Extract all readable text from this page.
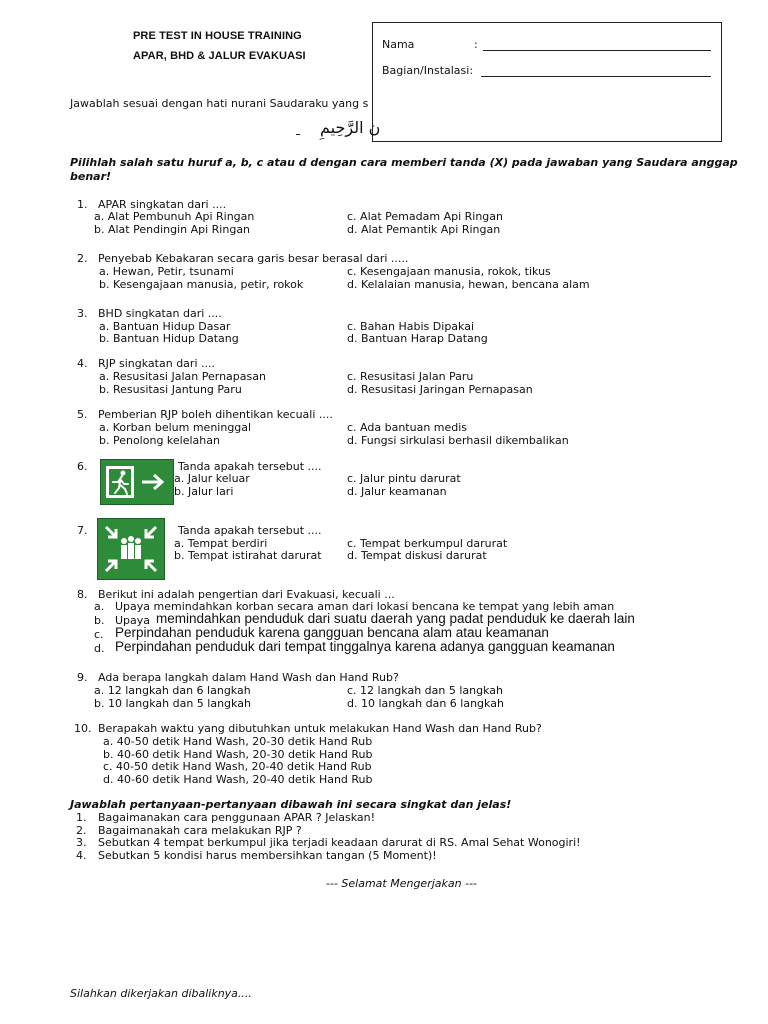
PRE TEST IN HOUSE TRAINING
APAR, BHD & JALUR EVAKUASI
Nama	:
Bagian/Instalasi:
Jawablah sesuai dengan hati nurani Saudaraku yang s
ن الرَّحِيمِ
Pilihlah salah satu huruf a, b, c atau d dengan cara memberi tanda (X) pada jawaban yang Saudara anggap
benar!
1. APAR singkatan dari ....
a. Alat Pembunuh Api Ringan
b. Alat Pendingin Api Ringan
c. Alat Pemadam Api Ringan
d. Alat Pemantik Api Ringan
2. Penyebab Kebakaran secara garis besar berasal dari .....
a. Hewan, Petir, tsunami
b. Kesengajaan manusia, petir, rokok
c. Kesengajaan manusia, rokok, tikus
d. Kelalaian manusia, hewan, bencana alam
3. BHD singkatan dari ....
a. Bantuan Hidup Dasar
b. Bantuan Hidup Datang
c. Bahan Habis Dipakai
d. Bantuan Harap Datang
4. RJP singkatan dari ....
a. Resusitasi Jalan Pernapasan
b. Resusitasi Jantung Paru
c. Resusitasi Jalan Paru
d. Resusitasi Jaringan Pernapasan
5. Pemberian RJP boleh dihentikan kecuali ....
a. Korban belum meninggal
b. Penolong kelelahan
c. Ada bantuan medis
d. Fungsi sirkulasi berhasil dikembalikan
6.	Tanda apakah tersebut ....
a. Jalur keluar
b. Jalur lari
c. Jalur pintu darurat
d. Jalur keamanan
7.	Tanda apakah tersebut ....
a. Tempat berdiri
b. Tempat istirahat darurat
c. Tempat berkumpul darurat
d. Tempat diskusi darurat
8. Berikut ini adalah pengertian dari Evakuasi, kecuali ...
a. Upaya memindahkan korban secara aman dari lokasi bencana ke tempat yang lebih aman
b. Upaya memindahkan penduduk dari suatu daerah yang padat penduduk ke daerah lain
c. Perpindahan penduduk karena gangguan bencana alam atau keamanan
d. Perpindahan penduduk dari tempat tinggalnya karena adanya gangguan keamanan
9. Ada berapa langkah dalam Hand Wash dan Hand Rub?
a. 12 langkah dan 6 langkah
b. 10 langkah dan 5 langkah
c. 12 langkah dan 5 langkah
d. 10 langkah dan 6 langkah
10. Berapakah waktu yang dibutuhkan untuk melakukan Hand Wash dan Hand Rub?
a. 40-50 detik Hand Wash, 20-30 detik Hand Rub
b. 40-60 detik Hand Wash, 20-30 detik Hand Rub
c. 40-50 detik Hand Wash, 20-40 detik Hand Rub
d. 40-60 detik Hand Wash, 20-40 detik Hand Rub
Jawablah pertanyaan-pertanyaan dibawah ini secara singkat dan jelas!
1. Bagaimanakan cara penggunaan APAR ? Jelaskan!
2. Bagaimanakah cara melakukan RJP ?
3. Sebutkan 4 tempat berkumpul jika terjadi keadaan darurat di RS. Amal Sehat Wonogiri!
4. Sebutkan 5 kondisi harus membersihkan tangan (5 Moment)!
--- Selamat Mengerjakan ---
Silahkan dikerjakan dibaliknya....
